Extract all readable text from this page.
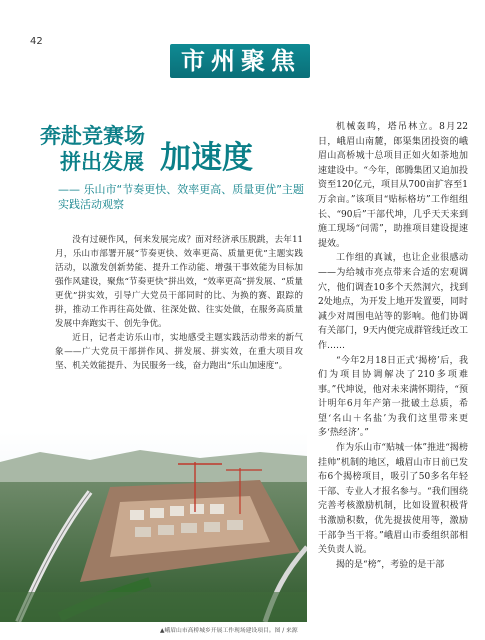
42
市州聚焦
奔赴竞赛场
拼出发展 加速度
—— 乐山市“节奏更快、效率更高、质量更优”主题实践活动观察

没有过硬作风，何来发展完成？面对经济承压脱跳，去年11月，乐山市部署开展“节奏更快、效率更高、质量更优”主题实践活动，以激发创新势能、提升工作动能、增强干事效能为目标加强作风建设，聚焦“节奏更快”拼出效，“效率更高”拼发展、“质量更优”拼实效，引导广大党员干部同时的比、为换的赛、跟踪的拼，推动工作再往高处做、往深处做、往实处做，在服务高质量发展中奔跑实干、创先争优。

近日，记者走访乐山市，实地感受主题实践活动带来的新气象——广大党员干部拼作风、拼发展、拼实效，在重大项目攻坚、机关效能提升、为民服务一线，奋力跑出“乐山加速度”。

机械轰鸣，塔吊林立。8月22日，峨眉山南麓，郎渠集团投资的峨眉山高桥城十总项目正如火如荼地加速建设中。“今年，郎腾集团又追加投资至120亿元，项目从700亩扩容至1万余亩。”该项目“贴标格坊”工作组组长、“90后”干部代坤，几乎天天来到施工现场“问需”，助推项目建设提速提效。

工作组的真诚，也让企业很感动——为给城市亮点带来合适的宏观调穴，他们调查10多个天然洞穴，找到2处地点，为开发上地开发置要，同时减少对周围电站等的影响。他们协调有关部门，9天内便完成群管线迁改工作……

“今年2月18日正式‘揭榜’后，我们为项目协调解决了210多项难事。”代坤说，他对未来满怀期待，“预计明年6月年产第一批破土总质，希望‘名山＋名盐’为我们这里带来更多‘热经济’。”

作为乐山市“贴城一体”推进“揭榜挂帅”机制的地区，峨眉山市日前已发布6个揭榜项目，吸引了50多名年轻干部、专业人才报名参与。“我们围绕完善考核激励机制，比如设置积极背书激励积数，优先提拔使用等，激励干部争当干将。”峨眉山市委组织部相关负责人说。

揭的是“榜”，考验的是干部

▲峨眉山市高桥城乡开展工作现场建设项目。图 / 来源
